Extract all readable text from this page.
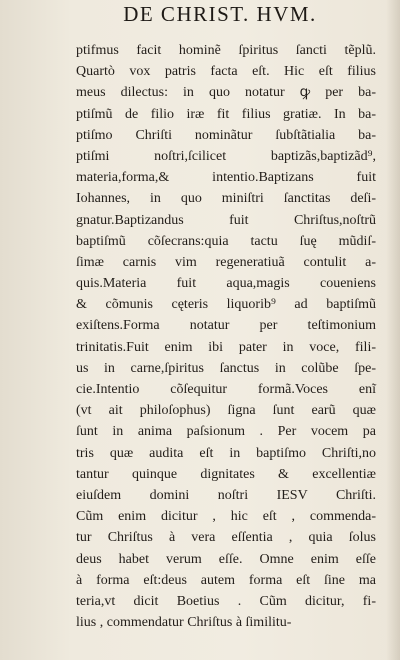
DE CHRIST. HVM.
ptifmus facit hominẽ ſpiritus ſancti tẽplũ.
Quartò vox patris facta eſt. Hic eſt filius
meus dilectus: in quo notatur ꝙ per ba-
ptiſmũ de filio iræ fit filius gratiæ. In ba-
ptiſmo Chriſti nominãtur ſubſtãtialia ba-
ptiſmi noſtri,ſcilicet baptizãs,baptizãd⁹,
materia,forma,& intentio.Baptizans fuit
Iohannes, in quo miniſtri ſanctitas deſi-
gnatur.Baptizandus fuit Chriſtus,noſtrũ
baptiſmũ cõſecrans:quia tactu ſuę mũdiſ-
ſimæ carnis vim regeneratiuã contulit a-
quis.Materia fuit aqua,magis coueniens
& cõmunis cęteris liquorib⁹ ad baptiſmũ
exiſtens.Forma notatur per teſtimonium
trinitatis.Fuit enim ibi pater in voce, fili-
us in carne,ſpiritus ſanctus in colũbe ſpe-
cie.Intentio cõſequitur formã.Voces enĩ
(vt ait philoſophus) ſigna ſunt earũ quæ
ſunt in anima paſsionum . Per vocem pa
tris quæ audita eſt in baptiſmo Chriſti,no
tantur quinque dignitates & excellentiæ
eiuſdem domini noſtri IESV Chriſti.
Cũm enim dicitur , hic eſt , commenda-
tur Chriſtus à vera eſſentia , quia ſolus
deus habet verum eſſe. Omne enim eſſe
à forma eſt:deus autem forma eſt ſine ma
teria,vt dicit Boetius . Cũm dicitur, fi-
lius , commendatur Chriſtus à ſimilitu-
